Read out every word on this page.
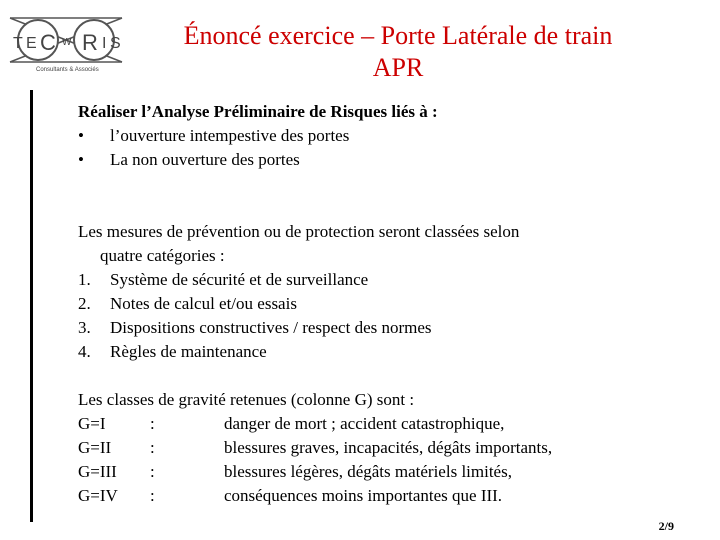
T E C W R I S
Consultants & Associés
Énoncé exercice – Porte Latérale de train
APR

Réaliser l’Analyse Préliminaire de Risques liés à :

•	l’ouverture intempestive des portes
•	La non ouverture des portes

Les mesures de prévention ou de protection seront classées selon

quatre catégories :

1.	Système de sécurité et de surveillance
2.	Notes de calcul et/ou essais
3.	Dispositions constructives / respect des normes
4.	Règles de maintenance

Les classes de gravité retenues (colonne G) sont :

G=I	:	danger de mort ; accident catastrophique,
G=II	:	blessures graves, incapacités, dégâts importants,
G=III	:	blessures légères, dégâts matériels limités,
G=IV	:	conséquences moins importantes que III.
2/9
